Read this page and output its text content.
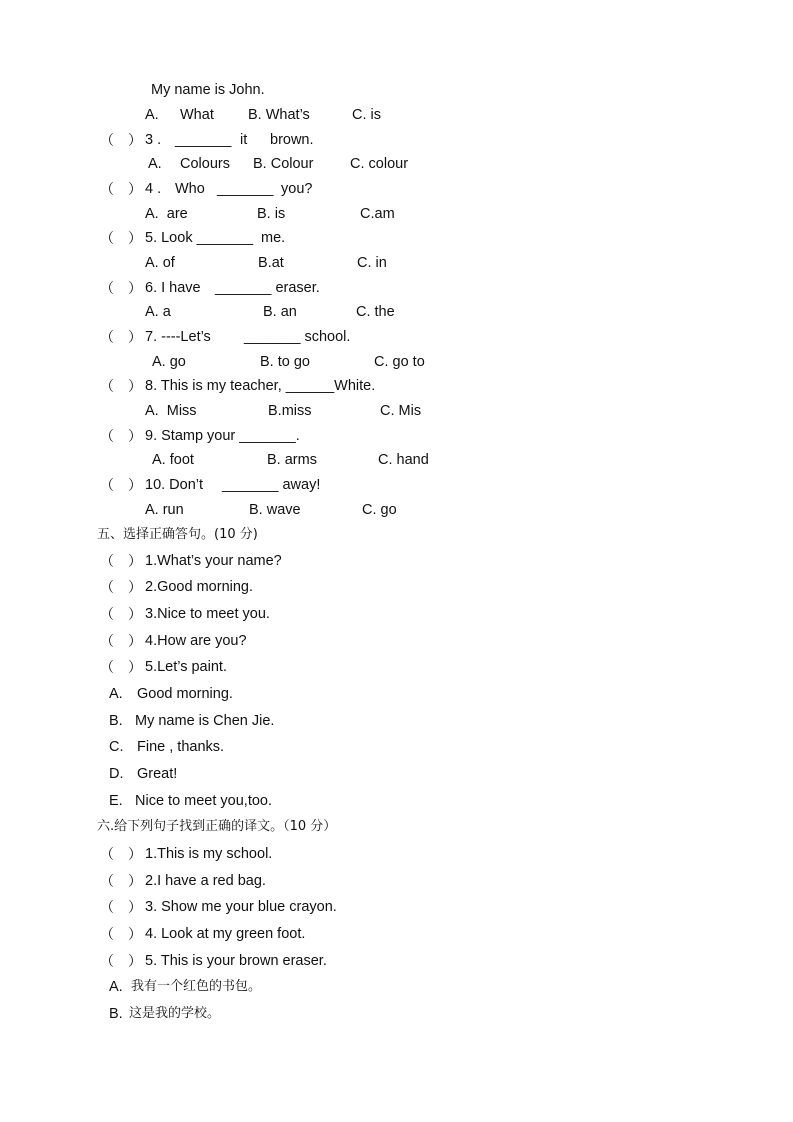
My name is John.
A. What B. What’s	C. is
（ ） 3 . _______ it brown.
A. Colours B. Colour	C. colour
（ ） 4 . Who _______ you?
A.  are	B. is	C.am
（ ） 5. Look _______ me.
A. of	B.at	C. in
（ ） 6. I have _______ eraser.
A. a	B. an	C. the
（ ） 7. ----Let’s _______ school.
A. go	B. to go	C. go to
（ ） 8. This is my teacher, ______White.
A.  Miss	B.miss	C. Mis
（ ） 9. Stamp your _______.
A. foot	B. arms	C. hand
（ ） 10. Don’t _______ away!
A. run	B. wave	C. go
五、选择正确答句。(10 分)
（ ） 1.What’s your name?
（ ） 2.Good morning.
（ ） 3.Nice to meet you.
（ ） 4.How are you?
（ ） 5.Let’s paint.
A. Good morning.
B. My name is Chen Jie.
C. Fine , thanks.
D. Great!
E. Nice to meet you,too.
六.给下列句子找到正确的译文。（10 分）
（ ） 1.This is my school.
（ ） 2.I have a red bag.
（ ） 3. Show me your blue crayon.
（ ） 4. Look at my green foot.
（ ） 5. This is your brown eraser.
A. 我有一个红色的书包。
B. 这是我的学校。
